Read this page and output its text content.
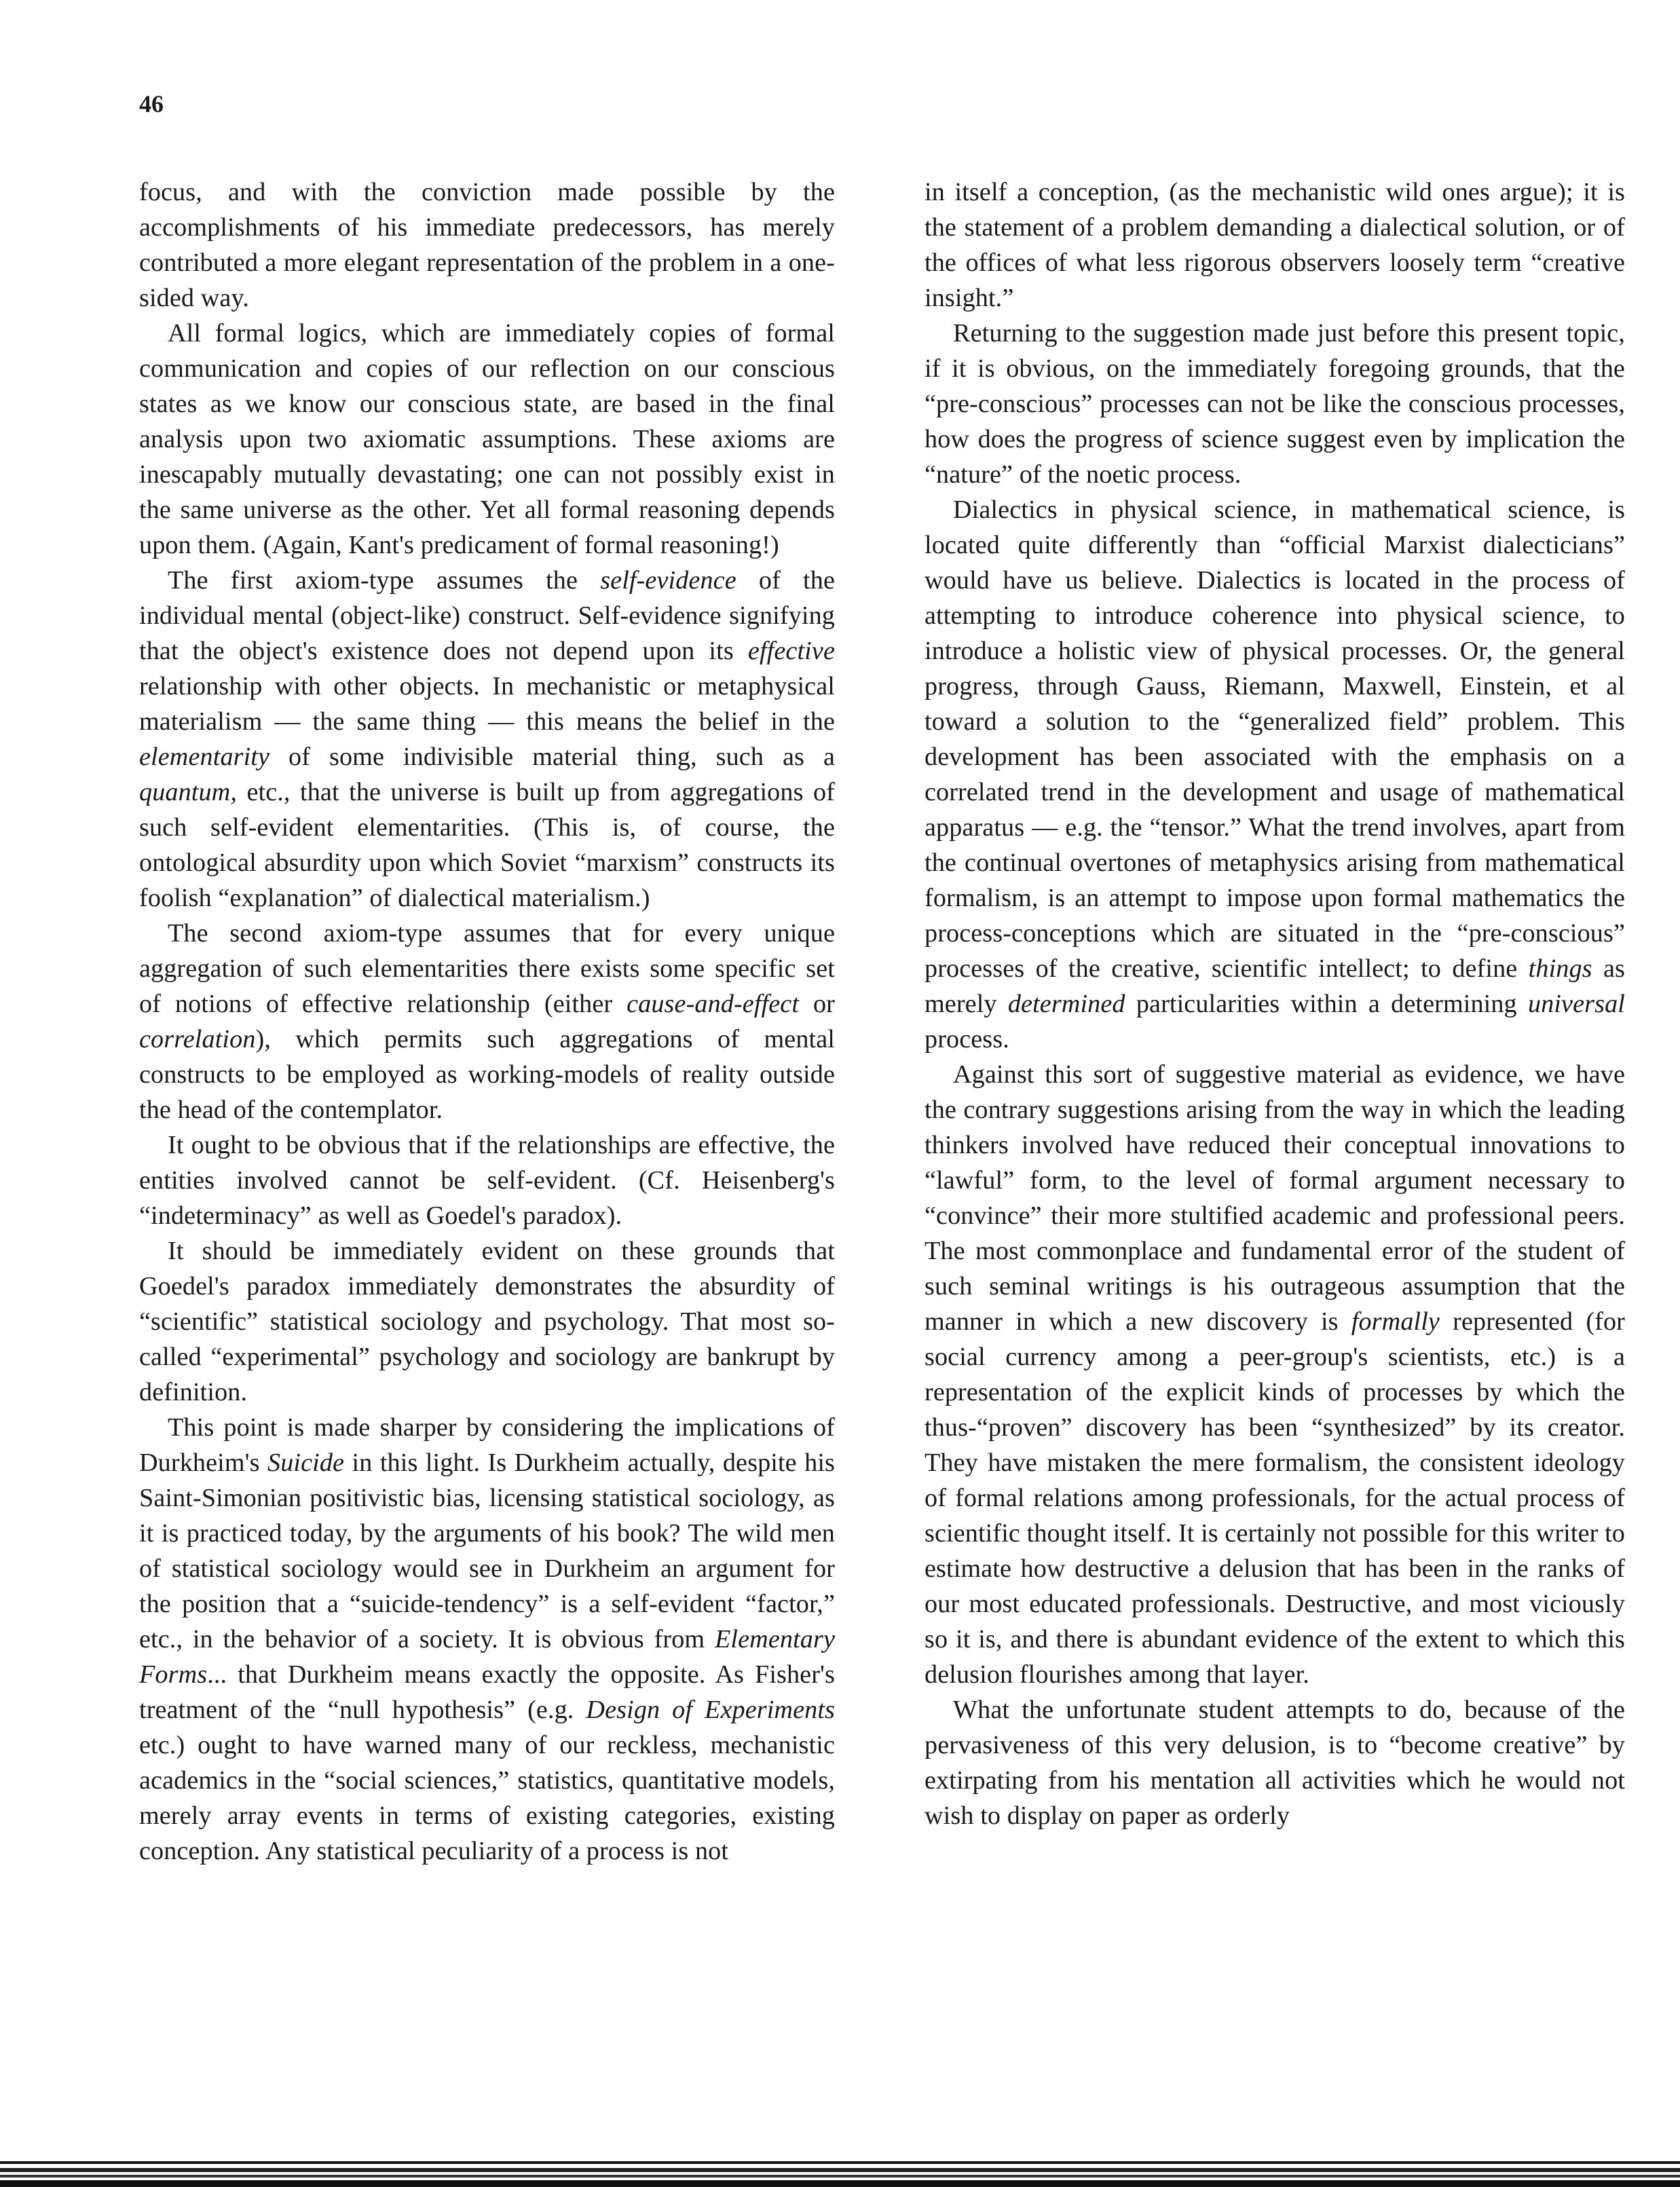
46

focus, and with the conviction made possible by the accomplishments of his immediate predecessors, has merely contributed a more elegant representation of the problem in a one-sided way.

All formal logics, which are immediately copies of formal communication and copies of our reflection on our conscious states as we know our conscious state, are based in the final analysis upon two axiomatic assumptions. These axioms are inescapably mutually devastating; one can not possibly exist in the same universe as the other. Yet all formal reasoning depends upon them. (Again, Kant's predicament of formal reasoning!)

The first axiom-type assumes the self-evidence of the individual mental (object-like) construct. Self-evidence signifying that the object's existence does not depend upon its effective relationship with other objects. In mechanistic or metaphysical materialism — the same thing — this means the belief in the elementarity of some indivisible material thing, such as a quantum, etc., that the universe is built up from aggregations of such self-evident elementarities. (This is, of course, the ontological absurdity upon which Soviet “marxism” constructs its foolish “explanation” of dialectical materialism.)

The second axiom-type assumes that for every unique aggregation of such elementarities there exists some specific set of notions of effective relationship (either cause-and-effect or correlation), which permits such aggregations of mental constructs to be employed as working-models of reality outside the head of the contemplator.

It ought to be obvious that if the relationships are effective, the entities involved cannot be self-evident. (Cf. Heisenberg's “indeterminacy” as well as Goedel's paradox).

It should be immediately evident on these grounds that Goedel's paradox immediately demonstrates the absurdity of “scientific” statistical sociology and psychology. That most so-called “experimental” psychology and sociology are bankrupt by definition.

This point is made sharper by considering the implications of Durkheim's Suicide in this light. Is Durkheim actually, despite his Saint-Simonian positivistic bias, licensing statistical sociology, as it is practiced today, by the arguments of his book? The wild men of statistical sociology would see in Durkheim an argument for the position that a “suicide-tendency” is a self-evident “factor,” etc., in the behavior of a society. It is obvious from Elementary Forms... that Durkheim means exactly the opposite. As Fisher's treatment of the “null hypothesis” (e.g. Design of Experiments etc.) ought to have warned many of our reckless, mechanistic academics in the “social sciences,” statistics, quantitative models, merely array events in terms of existing categories, existing conception. Any statistical peculiarity of a process is not

in itself a conception, (as the mechanistic wild ones argue); it is the statement of a problem demanding a dialectical solution, or of the offices of what less rigorous observers loosely term “creative insight.”

Returning to the suggestion made just before this present topic, if it is obvious, on the immediately foregoing grounds, that the “pre-conscious” processes can not be like the conscious processes, how does the progress of science suggest even by implication the “nature” of the noetic process.

Dialectics in physical science, in mathematical science, is located quite differently than “official Marxist dialecticians” would have us believe. Dialectics is located in the process of attempting to introduce coherence into physical science, to introduce a holistic view of physical processes. Or, the general progress, through Gauss, Riemann, Maxwell, Einstein, et al toward a solution to the “generalized field” problem. This development has been associated with the emphasis on a correlated trend in the development and usage of mathematical apparatus — e.g. the “tensor.” What the trend involves, apart from the continual overtones of metaphysics arising from mathematical formalism, is an attempt to impose upon formal mathematics the process-conceptions which are situated in the “pre-conscious” processes of the creative, scientific intellect; to define things as merely determined particularities within a determining universal process.

Against this sort of suggestive material as evidence, we have the contrary suggestions arising from the way in which the leading thinkers involved have reduced their conceptual innovations to “lawful” form, to the level of formal argument necessary to “convince” their more stultified academic and professional peers. The most commonplace and fundamental error of the student of such seminal writings is his outrageous assumption that the manner in which a new discovery is formally represented (for social currency among a peer-group's scientists, etc.) is a representation of the explicit kinds of processes by which the thus-“proven” discovery has been “synthesized” by its creator. They have mistaken the mere formalism, the consistent ideology of formal relations among professionals, for the actual process of scientific thought itself. It is certainly not possible for this writer to estimate how destructive a delusion that has been in the ranks of our most educated professionals. Destructive, and most viciously so it is, and there is abundant evidence of the extent to which this delusion flourishes among that layer.

What the unfortunate student attempts to do, because of the pervasiveness of this very delusion, is to “become creative” by extirpating from his mentation all activities which he would not wish to display on paper as orderly
